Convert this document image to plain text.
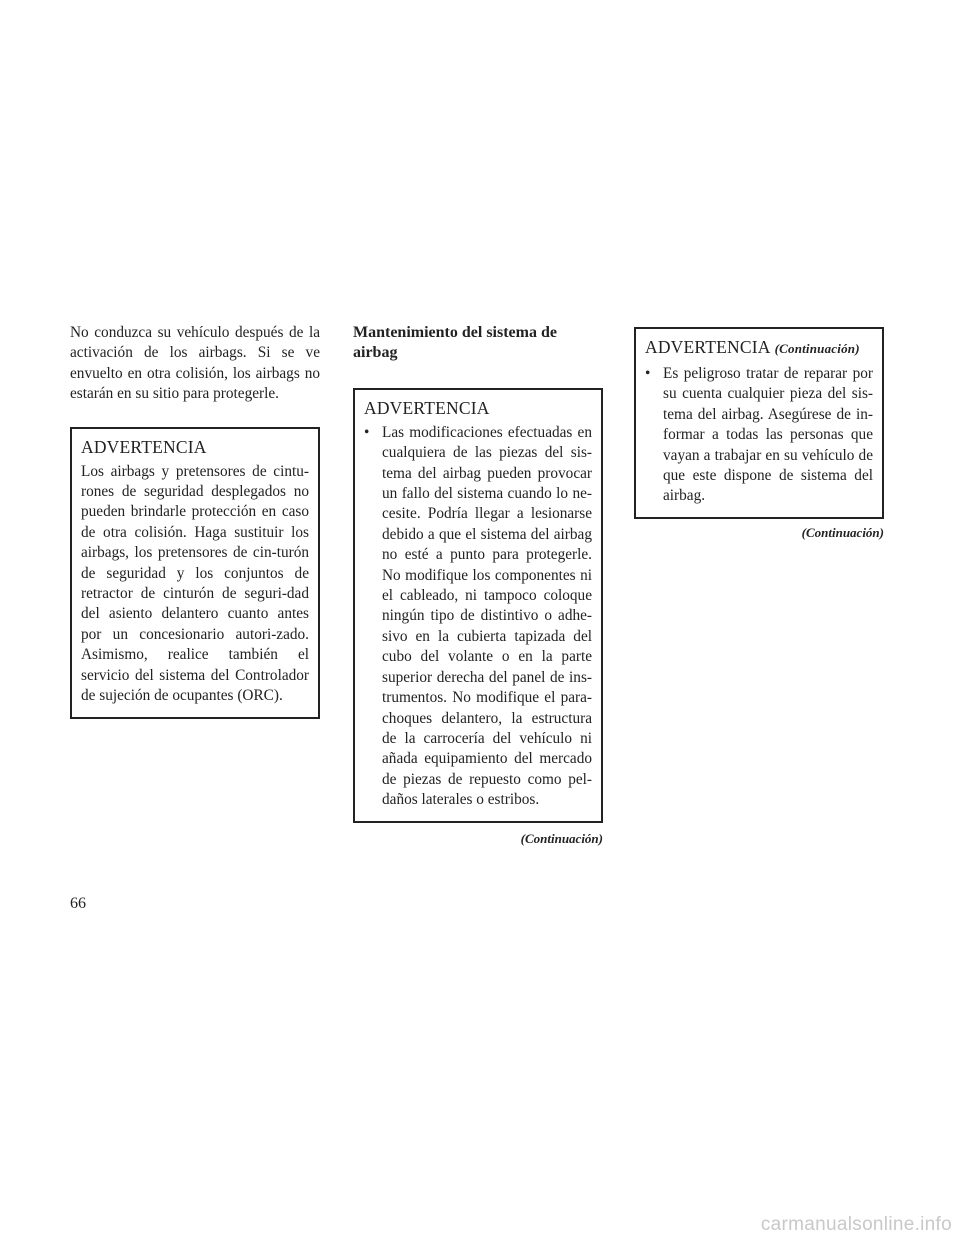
No conduzca su vehículo después de la activación de los airbags. Si se ve envuelto en otra colisión, los airbags no estarán en su sitio para protegerle.

ADVERTENCIA

Los airbags y pretensores de cintu-rones de seguridad desplegados no pueden brindarle protección en caso de otra colisión. Haga sustituir los airbags, los pretensores de cin-turón de seguridad y los conjuntos de retractor de cinturón de seguri-dad del asiento delantero cuanto antes por un concesionario autori-zado. Asimismo, realice también el servicio del sistema del Controlador de sujeción de ocupantes (ORC).

Mantenimiento del sistema de airbag

ADVERTENCIA

• Las modificaciones efectuadas en cualquiera de las piezas del sis-tema del airbag pueden provocar un fallo del sistema cuando lo ne-cesite. Podría llegar a lesionarse debido a que el sistema del airbag no esté a punto para protegerle. No modifique los componentes ni el cableado, ni tampoco coloque ningún tipo de distintivo o adhe-sivo en la cubierta tapizada del cubo del volante o en la parte superior derecha del panel de ins-trumentos. No modifique el para-choques delantero, la estructura de la carrocería del vehículo ni añada equipamiento del mercado de piezas de repuesto como pel-daños laterales o estribos.

(Continuación)

ADVERTENCIA (Continuación)

• Es peligroso tratar de reparar por su cuenta cualquier pieza del sis-tema del airbag. Asegúrese de in-formar a todas las personas que vayan a trabajar en su vehículo de que este dispone de sistema del airbag.

(Continuación)

66
carmanualsonline.info
